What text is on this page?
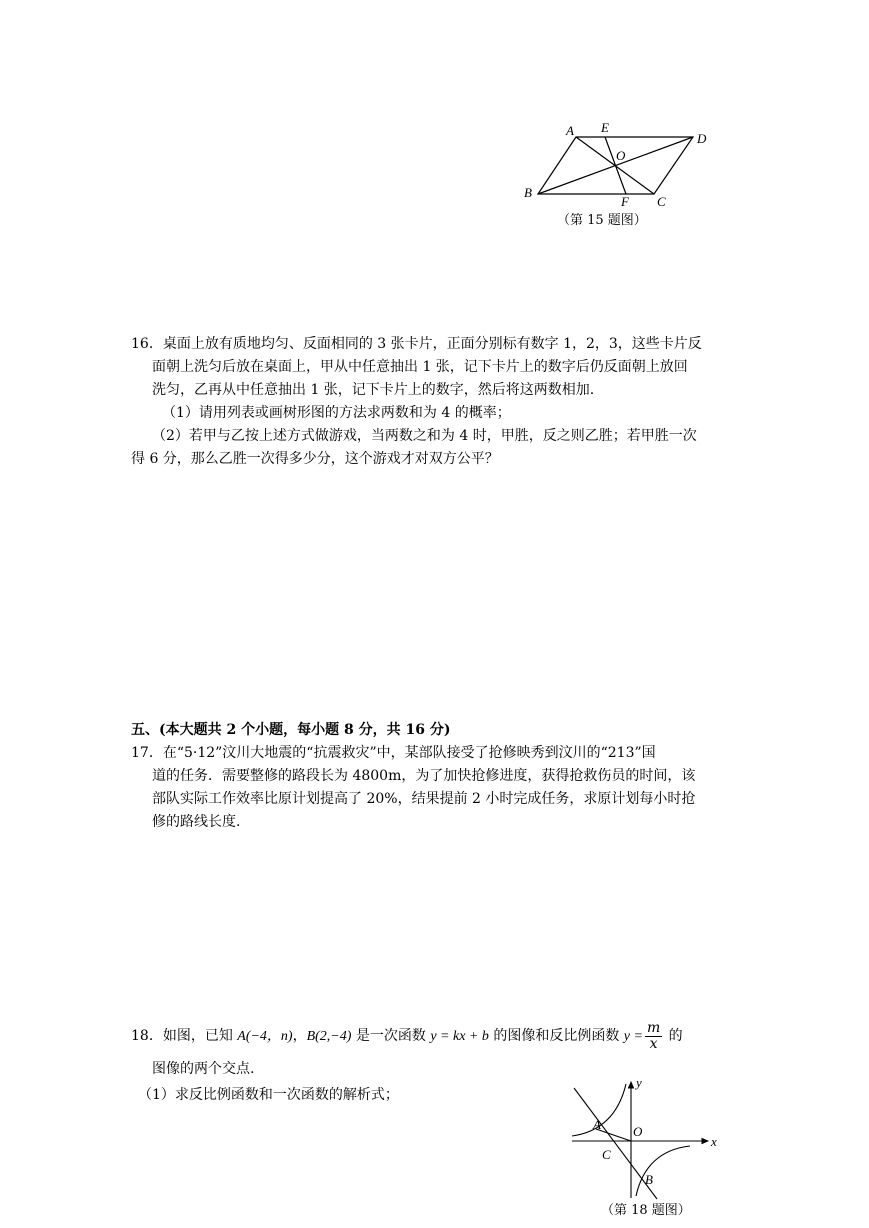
A E
D
O
B
F C
（第 15 题图）
16．桌面上放有质地均匀、反面相同的 3 张卡片，正面分别标有数字 1，2，3，这些卡片反
面朝上洗匀后放在桌面上，甲从中任意抽出 1 张，记下卡片上的数字后仍反面朝上放回
洗匀，乙再从中任意抽出 1 张，记下卡片上的数字，然后将这两数相加.
（1）请用列表或画树形图的方法求两数和为 4 的概率；
（2）若甲与乙按上述方式做游戏，当两数之和为 4 时，甲胜，反之则乙胜；若甲胜一次
得 6 分，那么乙胜一次得多少分，这个游戏才对双方公平？
五、(本大题共 2 个小题，每小题 8 分，共 16 分)
17．在“5·12”汶川大地震的“抗震救灾”中，某部队接受了抢修映秀到汶川的“213”国
道的任务．需要整修的路段长为 4800m，为了加快抢修进度，获得抢救伤员的时间，该
部队实际工作效率比原计划提高了 20%，结果提前 2 小时完成任务，求原计划每小时抢
修的路线长度.
18．如图，已知 A(−4，n)，B(2,−4) 是一次函数 y = kx + b 的图像和反比例函数 $y = \frac{m}{x}$ 的
图像的两个交点.
（1）求反比例函数和一次函数的解析式；
y
x
A O
C
B
（第 18 题图）
